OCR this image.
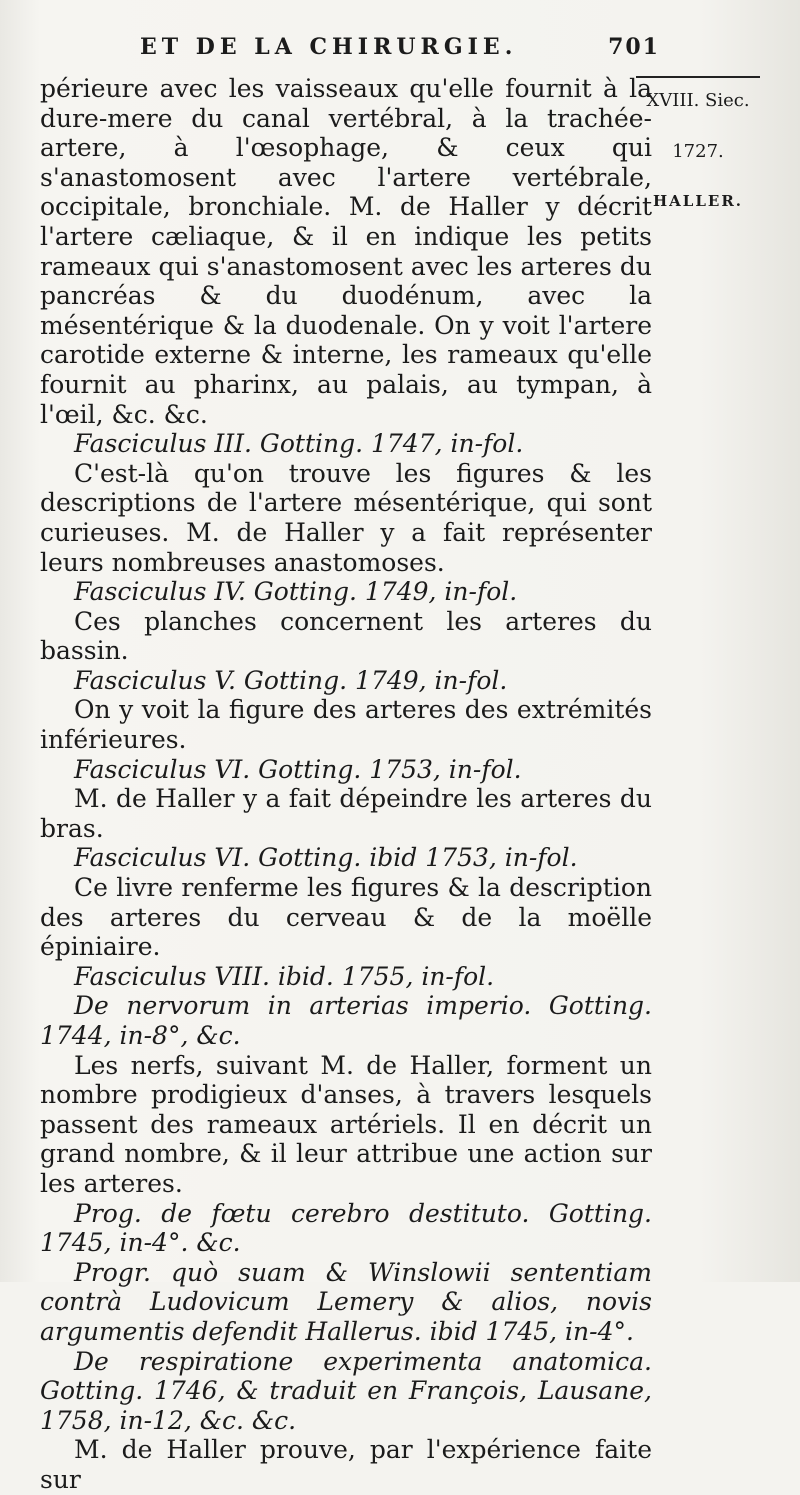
ET DE LA CHIRURGIE.	701
XVIII. Siec.
1727.
HALLER.

périeure avec les vaisseaux qu'elle fournit à la dure-mere du canal vertébral, à la trachée-artere, à l'œsophage, & ceux qui s'anastomosent avec l'artere vertébrale, occipitale, bronchiale. M. de Haller y décrit l'artere cæliaque, & il en indique les petits rameaux qui s'anastomosent avec les arteres du pancréas & du duodénum, avec la mésentérique & la duodenale. On y voit l'artere carotide externe & interne, les rameaux qu'elle fournit au pharinx, au palais, au tympan, à l'œil, &c. &c.

Fasciculus III. Gotting. 1747, in-fol.

C'est-là qu'on trouve les figures & les descriptions de l'artere mésentérique, qui sont curieuses. M. de Haller y a fait représenter leurs nombreuses anastomoses.

Fasciculus IV. Gotting. 1749, in-fol.

Ces planches concernent les arteres du bassin.

Fasciculus V. Gotting. 1749, in-fol.

On y voit la figure des arteres des extrémités inférieures.

Fasciculus VI. Gotting. 1753, in-fol.

M. de Haller y a fait dépeindre les arteres du bras.

Fasciculus VI. Gotting. ibid 1753, in-fol.

Ce livre renferme les figures & la description des arteres du cerveau & de la moëlle épiniaire.

Fasciculus VIII. ibid. 1755, in-fol.

De nervorum in arterias imperio. Gotting. 1744, in-8°, &c.

Les nerfs, suivant M. de Haller, forment un nombre prodigieux d'anses, à travers lesquels passent des rameaux artériels. Il en décrit un grand nombre, & il leur attribue une action sur les arteres.

Prog. de fœtu cerebro destituto. Gotting. 1745, in-4°. &c.

Progr. quò suam & Winslowii sententiam contrà Ludovicum Lemery & alios, novis argumentis defendit Hallerus. ibid 1745, in-4°.

De respiratione experimenta anatomica. Gotting. 1746, & traduit en François, Lausane, 1758, in-12, &c. &c.

M. de Haller prouve, par l'expérience faite sur
